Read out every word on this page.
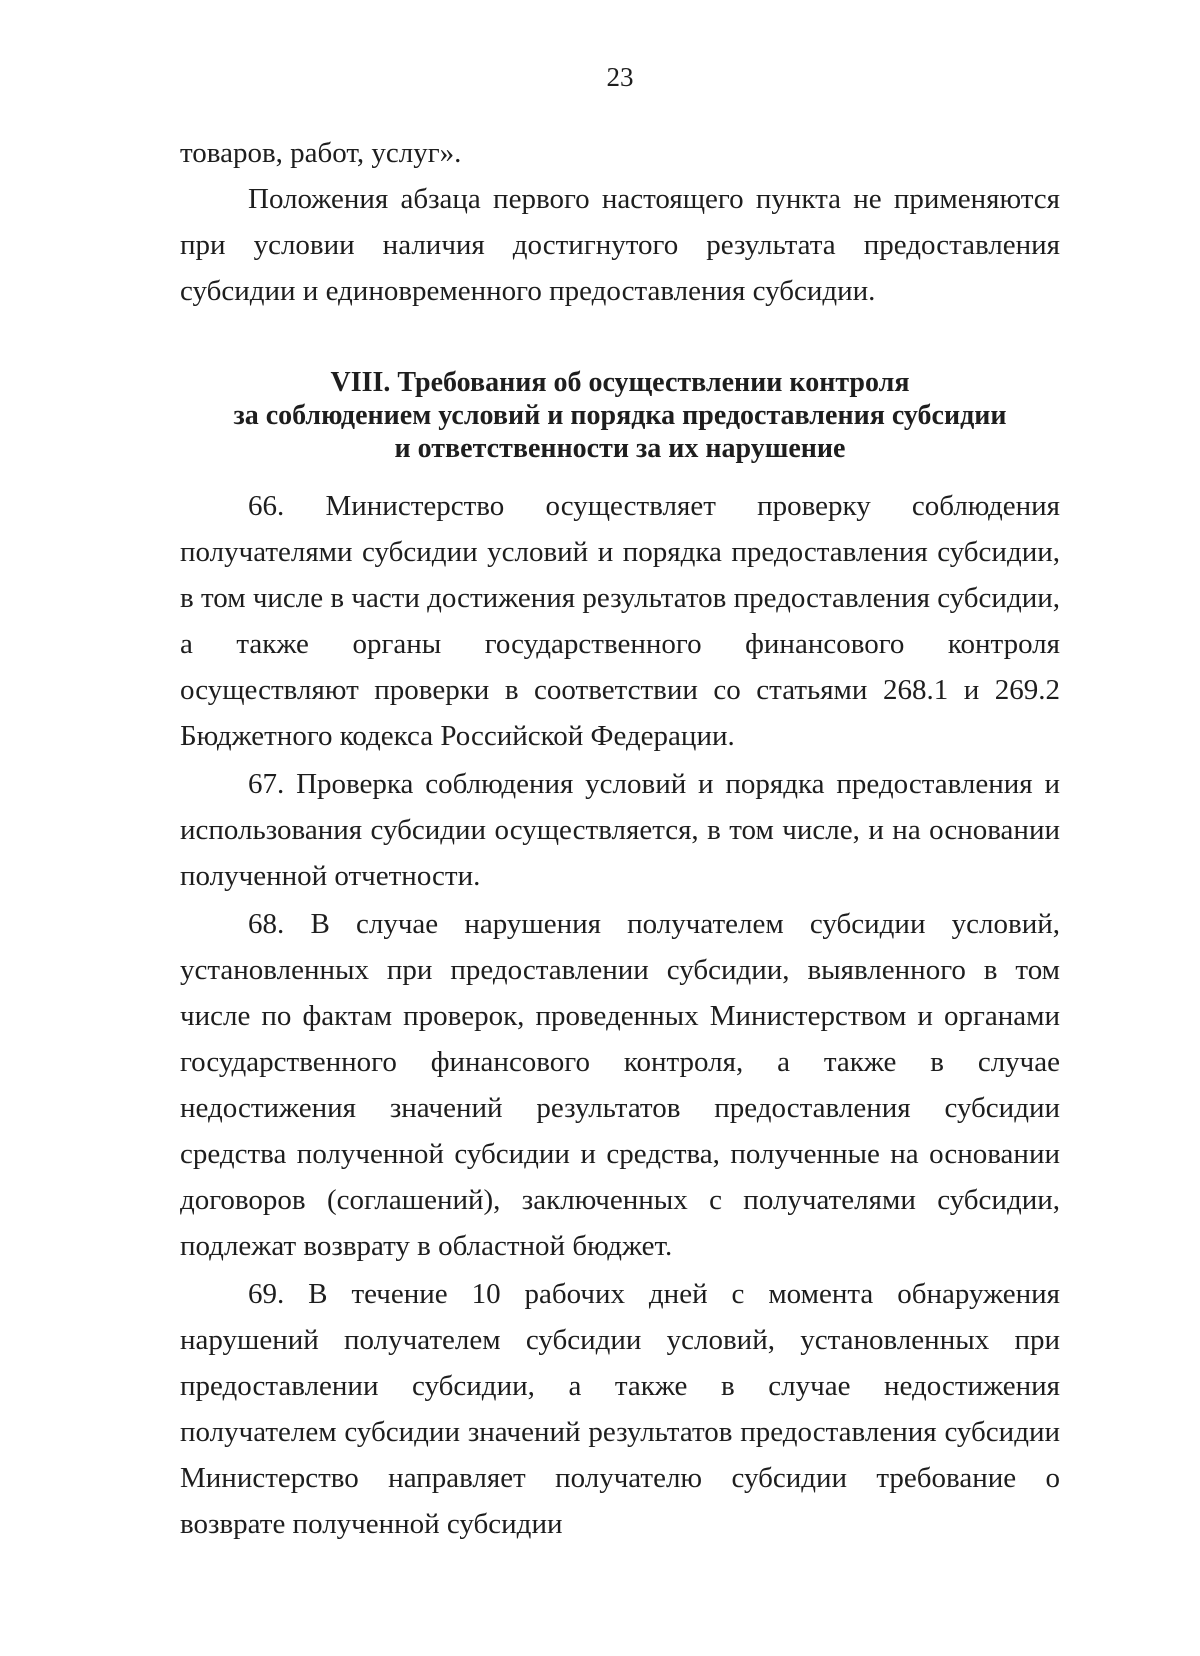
23

товаров, работ, услуг».

Положения абзаца первого настоящего пункта не применяются при условии наличия достигнутого результата предоставления субсидии и единовременного предоставления субсидии.

VIII. Требования об осуществлении контроля
за соблюдением условий и порядка предоставления субсидии
и ответственности за их нарушение

66. Министерство осуществляет проверку соблюдения получателями субсидии условий и порядка предоставления субсидии, в том числе в части достижения результатов предоставления субсидии, а также органы государственного финансового контроля осуществляют проверки в соответствии со статьями 268.1 и 269.2 Бюджетного кодекса Российской Федерации.

67. Проверка соблюдения условий и порядка предоставления и использования субсидии осуществляется, в том числе, и на основании полученной отчетности.

68. В случае нарушения получателем субсидии условий, установленных при предоставлении субсидии, выявленного в том числе по фактам проверок, проведенных Министерством и органами государственного финансового контроля, а также в случае недостижения значений результатов предоставления субсидии средства полученной субсидии и средства, полученные на основании договоров (соглашений), заключенных с получателями субсидии, подлежат возврату в областной бюджет.

69. В течение 10 рабочих дней с момента обнаружения нарушений получателем субсидии условий, установленных при предоставлении субсидии, а также в случае недостижения получателем субсидии значений результатов предоставления субсидии Министерство направляет получателю субсидии требование о возврате полученной субсидии
